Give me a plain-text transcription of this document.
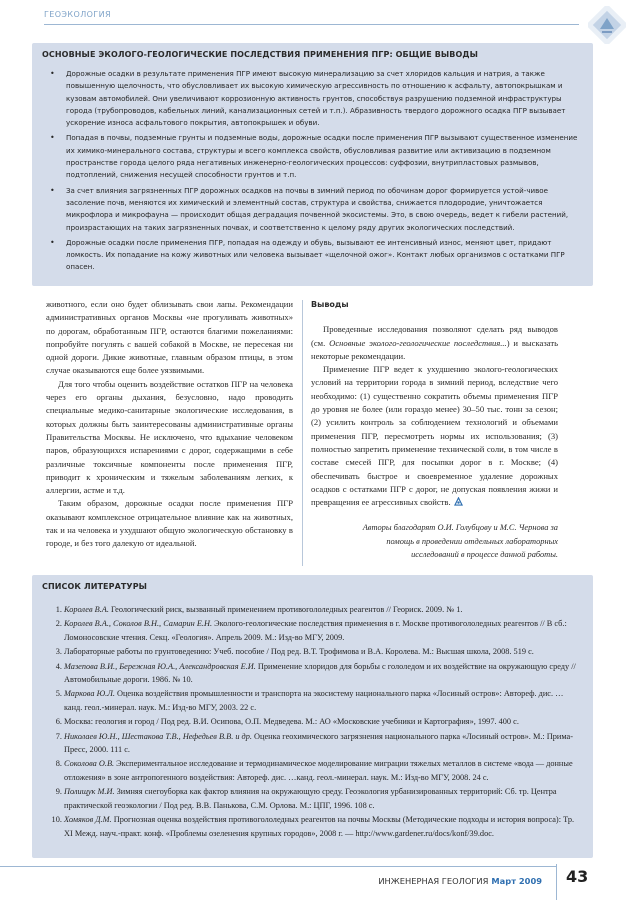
ГЕОЭКОЛОГИЯ
ОСНОВНЫЕ ЭКОЛОГО-ГЕОЛОГИЧЕСКИЕ ПОСЛЕДСТВИЯ ПРИМЕНЕНИЯ ПГР: ОБЩИЕ ВЫВОДЫ
• Дорожные осадки в результате применения ПГР имеют высокую минерализацию за счет хлоридов кальция и натрия, а также повышенную щелочность, что обусловливает их высокую химическую агрессивность по отношению к асфальту, автопокрышкам и кузовам автомобилей. Они увеличивают коррозионную активность грунтов, способствуя разрушению подземной инфраструктуры города (трубопроводов, кабельных линий, канализационных сетей и т.п.). Абразивность твердого дорожного осадка ПГР вызывает ускорение износа асфальтового покрытия, автопокрышек и обуви.
• Попадая в почвы, подземные грунты и подземные воды, дорожные осадки после применения ПГР вызывают существенное изменение их химико-минерального состава, структуры и всего комплекса свойств, обусловливая развитие или активизацию в подземном пространстве города целого ряда негативных инженерно-геологических процессов: суффозии, внутрипластовых размывов, подтоплений, снижения несущей способности грунтов и т.п.
• За счет влияния загрязненных ПГР дорожных осадков на почвы в зимний период по обочинам дорог формируется устой-чивое засоление почв, меняются их химический и элементный состав, структура и свойства, снижается плодородие, уничтожается микрофлора и микрофауна — происходит общая деградация почвенной экосистемы. Это, в свою очередь, ведет к гибели растений, произрастающих на таких загрязненных почвах, и соответственно к целому ряду других экологических последствий.
• Дорожные осадки после применения ПГР, попадая на одежду и обувь, вызывают ее интенсивный износ, меняют цвет, придают ломкость. Их попадание на кожу животных или человека вызывает «щелочной ожог». Контакт любых организмов с остатками ПГР опасен.

животного, если оно будет облизывать свои лапы. Рекомендации административных органов Москвы «не прогуливать животных» по дорогам, обработанным ПГР, остаются благими пожеланиями: попробуйте погулять с вашей собакой в Москве, не пересекая ни одной дороги. Дикие животные, главным образом птицы, в этом случае оказываются еще более уязвимыми.

Для того чтобы оценить воздействие остатков ПГР на человека через его органы дыхания, безусловно, надо проводить специальные медико-санитарные экологические исследования, в которых должны быть заинтересованы административные органы Правительства Москвы. Не исключено, что вдыхание человеком паров, образующихся испарениями с дорог, содержащими в себе различные токсичные компоненты после применения ПГР, приводит к хроническим и тяжелым заболеваниям легких, к аллергии, астме и т.д.

Таким образом, дорожные осадки после применения ПГР оказывают комплексное отрицательное влияние как на животных, так и на человека и ухудшают общую экологическую обстановку в городе, и без того далекую от идеальной.

Выводы

Проведенные исследования позволяют сделать ряд выводов (см. Основные эколого-геологические последствия...) и высказать некоторые рекомендации.

Применение ПГР ведет к ухудшению эколого-геологических условий на территории города в зимний период, вследствие чего необходимо: (1) существенно сократить объемы применения ПГР до уровня не более (или гораздо менее) 30–50 тыс. тонн за сезон; (2) усилить контроль за соблюдением технологий и объемами применения ПГР, пересмотреть нормы их использования; (3) полностью запретить применение технической соли, в том числе в составе смесей ПГР, для посыпки дорог в г. Москве; (4) обеспечивать быстрое и своевременное удаление дорожных осадков с остатками ПГР с дорог, не допуская появления жижи и превращения ее агрессивных свойств.

Авторы благодарят О.И. Голубцову и М.С. Чернова за помощь в проведении отдельных лабораторных исследований в процессе данной работы.

СПИСОК ЛИТЕРАТУРЫ
1. Королев В.А. Геологический риск, вызванный применением противогололедных реагентов // Геориск. 2009. № 1.
2. Королев В.А., Соколов В.Н., Самарин Е.Н. Эколого-геологические последствия применения в г. Москве противогололедных реагентов // В сб.: Ломоносовские чтения. Секц. «Геология». Апрель 2009. М.: Изд-во МГУ, 2009.
3. Лабораторные работы по грунтоведению: Учеб. пособие / Под ред. В.Т. Трофимова и В.А. Королева. М.: Высшая школа, 2008. 519 с.
4. Мазепова В.И., Бережная Ю.А., Александровская Е.И. Применение хлоридов для борьбы с гололедом и их воздействие на окружающую среду // Автомобильные дороги. 1986. № 10.
5. Маркова Ю.Л. Оценка воздействия промышленности и транспорта на экосистему национального парка «Лосиный остров»: Автореф. дис. …канд. геол.-минерал. наук. М.: Изд-во МГУ, 2003. 22 с.
6. Москва: геология и город / Под ред. В.И. Осипова, О.П. Медведева. М.: АО «Московские учебники и Картография», 1997. 400 с.
7. Николаев Ю.Н., Шестакова Т.В., Нефедьев В.В. и др. Оценка геохимического загрязнения национального парка «Лосиный остров». М.: Прима-Пресс, 2000. 111 с.
8. Соколова О.В. Экспериментальное исследование и термодинамическое моделирование миграции тяжелых металлов в системе «вода — донные отложения» в зоне антропогенного воздействия: Автореф. дис. …канд. геол.-минерал. наук. М.: Изд-во МГУ, 2008. 24 с.
9. Полищук М.И. Зимняя снегоуборка как фактор влияния на окружающую среду. Геоэкология урбанизированных территорий: Сб. тр. Центра практической геоэкологии / Под ред. В.В. Панькова, С.М. Орлова. М.: ЦПГ, 1996. 108 с.
10. Хомяков Д.М. Прогнозная оценка воздействия противогололедных реагентов на почвы Москвы (Методические подходы и история вопроса): Тр. XI Межд. науч.-практ. конф. «Проблемы озеленения крупных городов», 2008 г. — http://www.gardener.ru/docs/konf/39.doc.
ИНЖЕНЕРНАЯ ГЕОЛОГИЯ Март 2009 43
